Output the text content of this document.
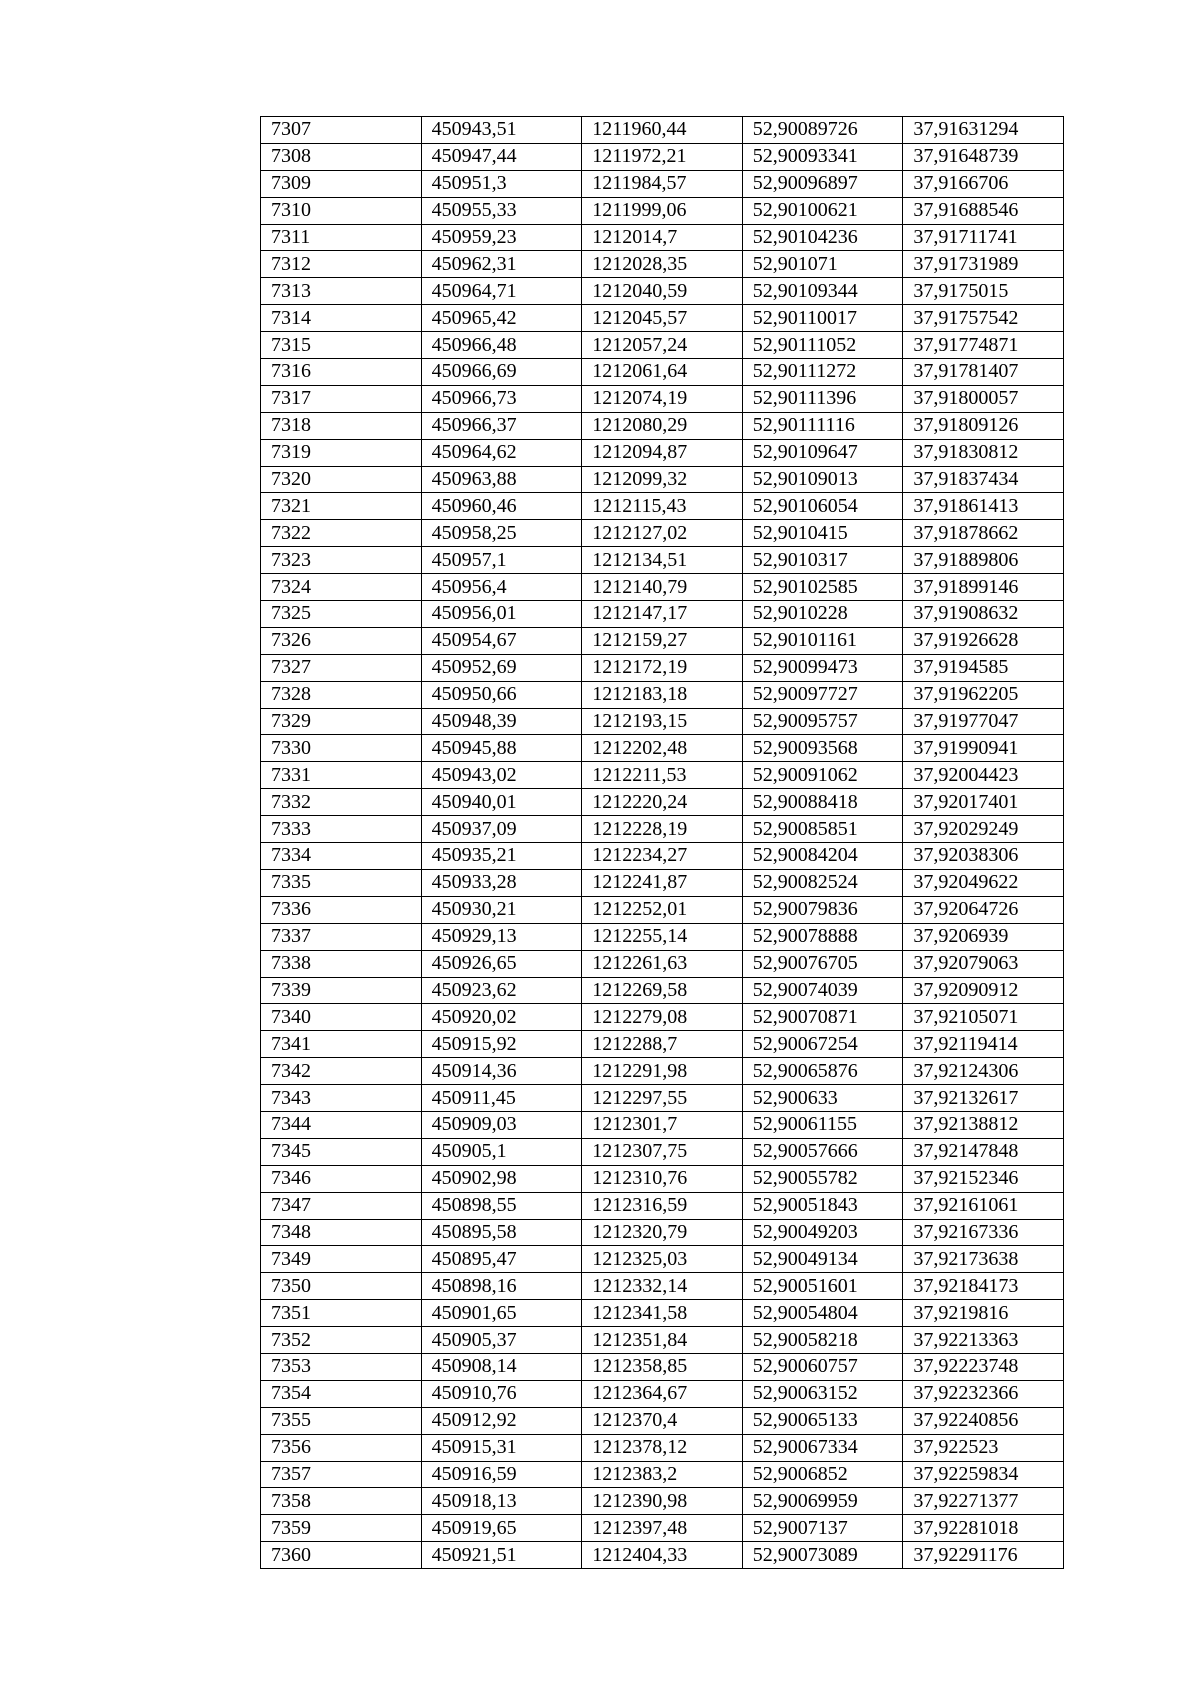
7307	450943,51	1211960,44	52,90089726	37,91631294
7308	450947,44	1211972,21	52,90093341	37,91648739
7309	450951,3	1211984,57	52,90096897	37,9166706
7310	450955,33	1211999,06	52,90100621	37,91688546
7311	450959,23	1212014,7	52,90104236	37,91711741
7312	450962,31	1212028,35	52,901071	37,91731989
7313	450964,71	1212040,59	52,90109344	37,9175015
7314	450965,42	1212045,57	52,90110017	37,91757542
7315	450966,48	1212057,24	52,90111052	37,91774871
7316	450966,69	1212061,64	52,90111272	37,91781407
7317	450966,73	1212074,19	52,90111396	37,91800057
7318	450966,37	1212080,29	52,90111116	37,91809126
7319	450964,62	1212094,87	52,90109647	37,91830812
7320	450963,88	1212099,32	52,90109013	37,91837434
7321	450960,46	1212115,43	52,90106054	37,91861413
7322	450958,25	1212127,02	52,9010415	37,91878662
7323	450957,1	1212134,51	52,9010317	37,91889806
7324	450956,4	1212140,79	52,90102585	37,91899146
7325	450956,01	1212147,17	52,9010228	37,91908632
7326	450954,67	1212159,27	52,90101161	37,91926628
7327	450952,69	1212172,19	52,90099473	37,9194585
7328	450950,66	1212183,18	52,90097727	37,91962205
7329	450948,39	1212193,15	52,90095757	37,91977047
7330	450945,88	1212202,48	52,90093568	37,91990941
7331	450943,02	1212211,53	52,90091062	37,92004423
7332	450940,01	1212220,24	52,90088418	37,92017401
7333	450937,09	1212228,19	52,90085851	37,92029249
7334	450935,21	1212234,27	52,90084204	37,92038306
7335	450933,28	1212241,87	52,90082524	37,92049622
7336	450930,21	1212252,01	52,90079836	37,92064726
7337	450929,13	1212255,14	52,90078888	37,9206939
7338	450926,65	1212261,63	52,90076705	37,92079063
7339	450923,62	1212269,58	52,90074039	37,92090912
7340	450920,02	1212279,08	52,90070871	37,92105071
7341	450915,92	1212288,7	52,90067254	37,92119414
7342	450914,36	1212291,98	52,90065876	37,92124306
7343	450911,45	1212297,55	52,900633	37,92132617
7344	450909,03	1212301,7	52,90061155	37,92138812
7345	450905,1	1212307,75	52,90057666	37,92147848
7346	450902,98	1212310,76	52,90055782	37,92152346
7347	450898,55	1212316,59	52,90051843	37,92161061
7348	450895,58	1212320,79	52,90049203	37,92167336
7349	450895,47	1212325,03	52,90049134	37,92173638
7350	450898,16	1212332,14	52,90051601	37,92184173
7351	450901,65	1212341,58	52,90054804	37,9219816
7352	450905,37	1212351,84	52,90058218	37,92213363
7353	450908,14	1212358,85	52,90060757	37,92223748
7354	450910,76	1212364,67	52,90063152	37,92232366
7355	450912,92	1212370,4	52,90065133	37,92240856
7356	450915,31	1212378,12	52,90067334	37,922523
7357	450916,59	1212383,2	52,9006852	37,92259834
7358	450918,13	1212390,98	52,90069959	37,92271377
7359	450919,65	1212397,48	52,9007137	37,92281018
7360	450921,51	1212404,33	52,90073089	37,92291176
